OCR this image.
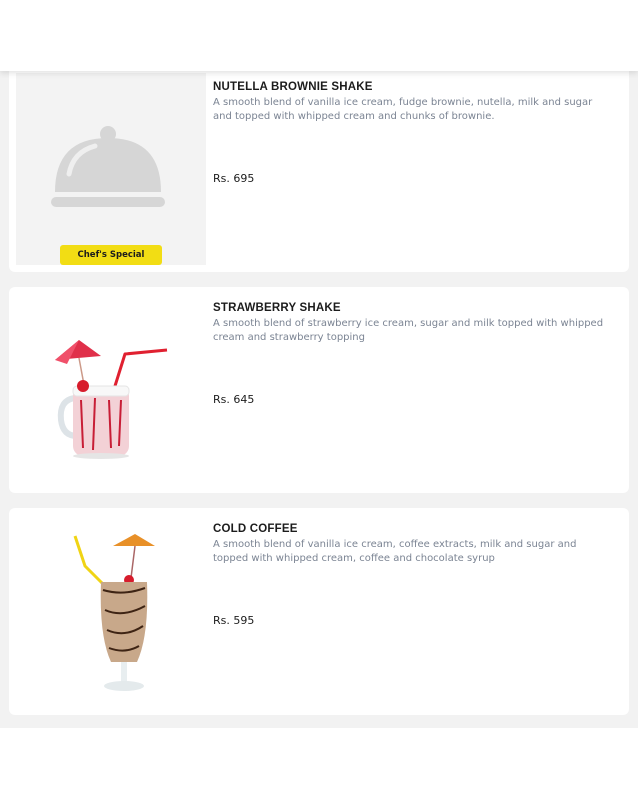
Chef's Special
NUTELLA BROWNIE SHAKE
A smooth blend of vanilla ice cream, fudge brownie, nutella, milk and sugar and topped with whipped cream and chunks of brownie.
Rs. 695
STRAWBERRY SHAKE
A smooth blend of strawberry ice cream, sugar and milk topped with whipped cream and strawberry topping
Rs. 645
COLD COFFEE
A smooth blend of vanilla ice cream, coffee extracts, milk and sugar and topped with whipped cream, coffee and chocolate syrup
Rs. 595
